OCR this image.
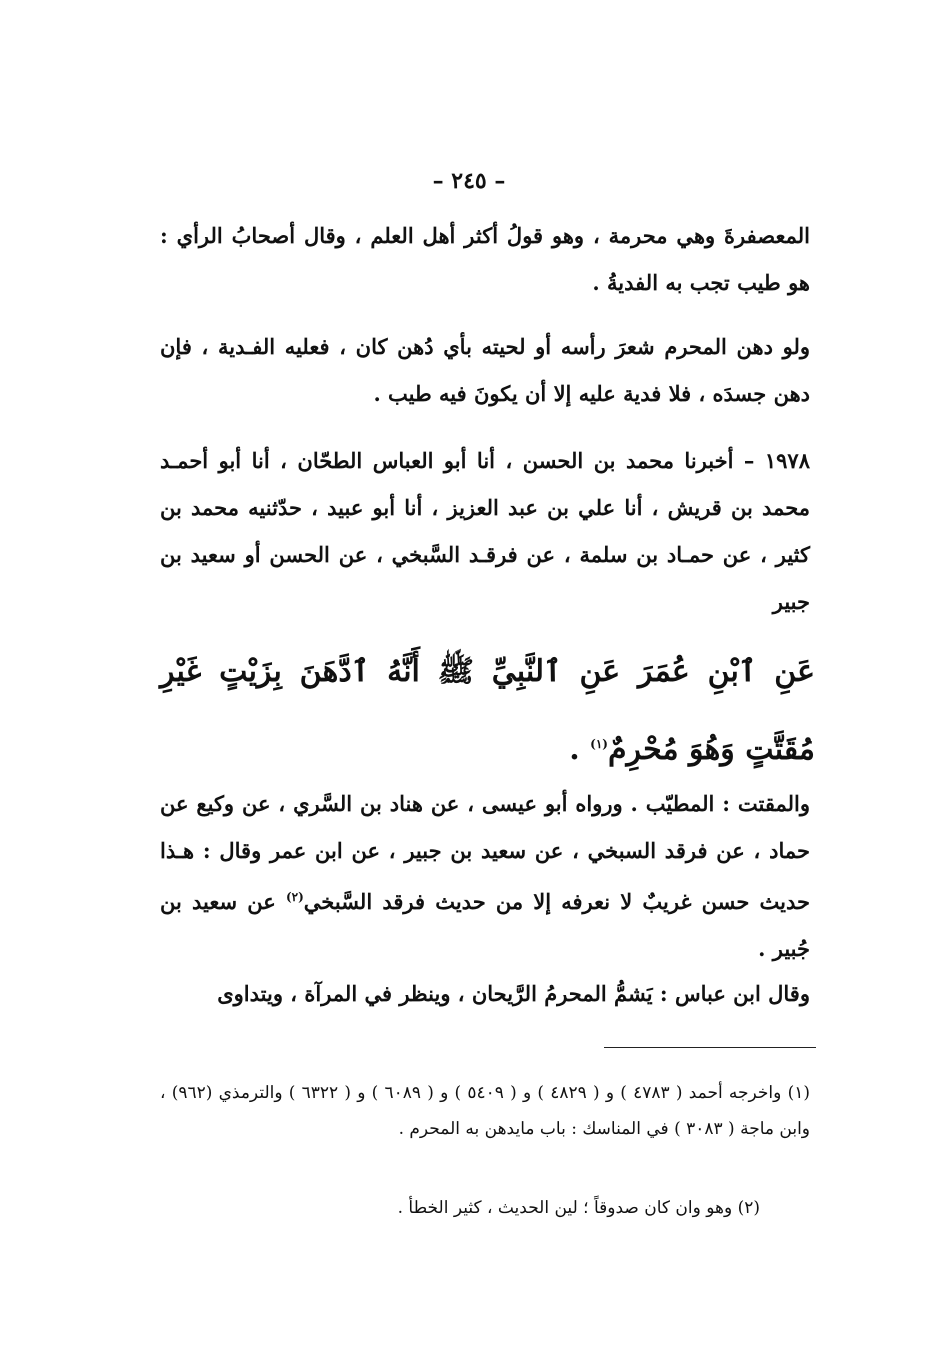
– ٢٤٥ –
المعصفرةَ وهي محرمة ، وهو قولُ أكثر أهل العلم ، وقال أصحابُ الرأي : هو طيب تجب به الفديةُ .
ولو دهن المحرم شعرَ رأسه أو لحيته بأي دُهن كان ، فعليه الفـدية ، فإن دهن جسدَه ، فلا فدية عليه إلا أن يكونَ فيه طيب .
١٩٧٨ – أخبرنا محمد بن الحسن ، أنا أبو العباس الطحّان ، أنا أبو أحمـد محمد بن قريش ، أنا علي بن عبد العزيز ، أنا أبو عبيد ، حدّثنيه محمد بن كثير ، عن حمـاد بن سلمة ، عن فرقـد السَّبخي ، عن الحسن أو سعيد بن جبير
عَنِ ٱبْنِ عُمَرَ عَنِ ٱلنَّبِيِّ ﷺ أَنَّهُ ٱدَّهَنَ بِزَيْتٍ غَيْرِ مُقَتَّتٍ وَهُوَ مُحْرِمٌ$^{(١)}$ .
والمقتت : المطيّب . ورواه أبو عيسى ، عن هناد بن السَّري ، عن وكيع عن حماد ، عن فرقد السبخي ، عن سعيد بن جبير ، عن ابن عمر وقال : هـذا حديث حسن غريبٌ لا نعرفه إلا من حديث فرقد السَّبخي$^{(٢)}$ عن سعيد بن جُبير .
وقال ابن عباس : يَشمُّ المحرمُ الرَّيحان ، وينظر في المرآة ، ويتداوى
(١) واخرجه أحمد ( ٤٧٨٣ ) و ( ٤٨٢٩ ) و ( ٥٤٠٩ ) و ( ٦٠٨٩ ) و ( ٦٣٢٢ ) والترمذي (٩٦٢) ، وابن ماجة ( ٣٠٨٣ ) في المناسك : باب مايدهن به المحرم .
(٢) وهو وان كان صدوقاً ؛ لين الحديث ، كثير الخطأ .
